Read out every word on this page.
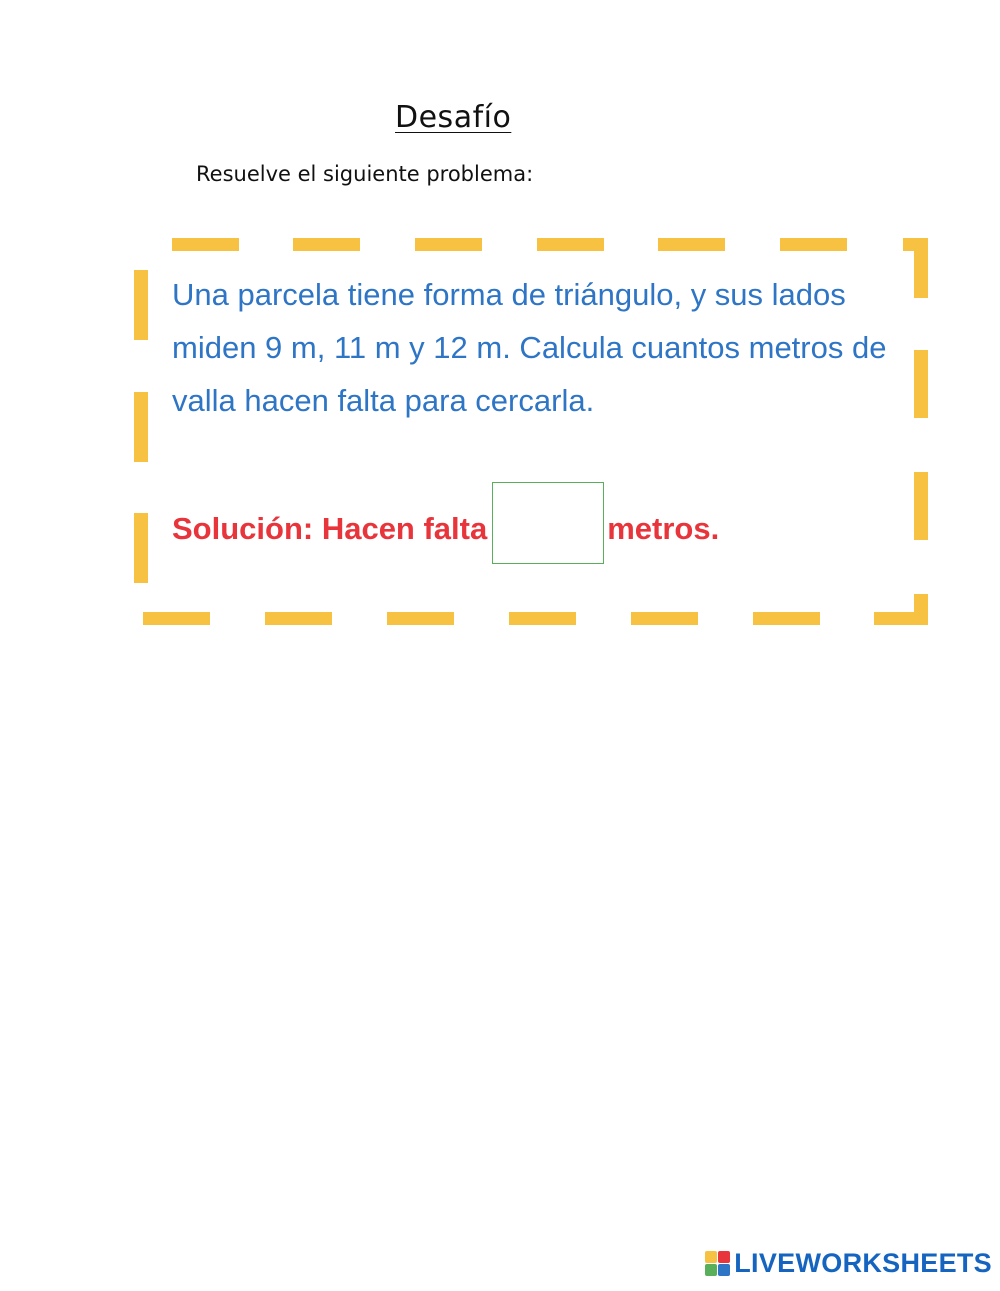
Desafío
Resuelve el siguiente problema:

Una parcela tiene forma de triángulo, y sus lados miden 9 m, 11 m y 12 m. Calcula cuantos metros de valla hacen falta para cercarla.

Solución: Hacen falta	metros.
LIVEWORKSHEETS
